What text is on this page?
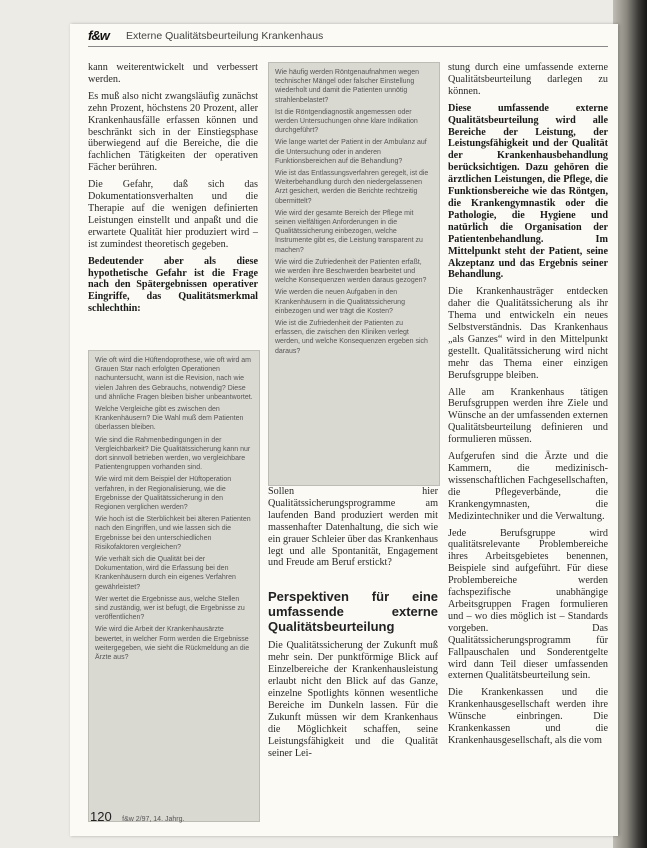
f&w Externe Qualitätsbeurteilung Krankenhaus

kann weiterentwickelt und verbessert werden.

Es muß also nicht zwangsläufig zunächst zehn Prozent, höchstens 20 Prozent, aller Krankenhausfälle erfassen können und beschränkt sich in der Einstiegsphase überwiegend auf die Bereiche, die die fachlichen Tätigkeiten der operativen Fächer berühren.

Die Gefahr, daß sich das Dokumentationsverhalten und die Therapie auf die wenigen definierten Leistungen einstellt und anpaßt und die erwartete Qualität hier produziert wird – ist zumindest theoretisch gegeben.

Bedeutender aber als diese hypothetische Gefahr ist die Frage nach den Spätergebnissen operativer Eingriffe, das Qualitätsmerkmal schlechthin:

Wie oft wird die Hüftendoprothese, wie oft wird am Grauen Star nach erfolgten Operationen nachuntersucht, wann ist die Revision, nach wie vielen Jahren des Gebrauchs, notwendig? Diese und ähnliche Fragen bleiben bisher unbeantwortet.

Welche Vergleiche gibt es zwischen den Krankenhäusern? Die Wahl muß dem Patienten überlassen bleiben.

Wie sind die Rahmenbedingungen in der Vergleichbarkeit? Die Qualitätssicherung kann nur dort sinnvoll betrieben werden, wo vergleichbare Patientengruppen vorhanden sind.

Wie wird mit dem Beispiel der Hüftoperation verfahren, in der Regionalisierung, wie die Ergebnisse der Qualitätssicherung in den Regionen verglichen werden?

Wie hoch ist die Sterblichkeit bei älteren Patienten nach den Eingriffen, und wie lassen sich die Ergebnisse bei den unterschiedlichen Risikofaktoren vergleichen?

Wie verhält sich die Qualität bei der Dokumentation, wird die Erfassung bei den Krankenhäusern durch ein eigenes Verfahren gewährleistet?

Wer wertet die Ergebnisse aus, welche Stellen sind zuständig, wer ist befugt, die Ergebnisse zu veröffentlichen?

Wie wird die Arbeit der Krankenhausärzte bewertet, in welcher Form werden die Ergebnisse weitergegeben, wie sieht die Rückmeldung an die Ärzte aus?

Wie häufig werden Röntgenaufnahmen wegen technischer Mängel oder falscher Einstellung wiederholt und damit die Patienten unnötig strahlenbelastet?

Ist die Röntgendiagnostik angemessen oder werden Untersuchungen ohne klare Indikation durchgeführt?

Wie lange wartet der Patient in der Ambulanz auf die Untersuchung oder in anderen Funktionsbereichen auf die Behandlung?

Wie ist das Entlassungsverfahren geregelt, ist die Weiterbehandlung durch den niedergelassenen Arzt gesichert, werden die Berichte rechtzeitig übermittelt?

Wie wird der gesamte Bereich der Pflege mit seinen vielfältigen Anforderungen in die Qualitätssicherung einbezogen, welche Instrumente gibt es, die Leistung transparent zu machen?

Wie wird die Zufriedenheit der Patienten erfaßt, wie werden ihre Beschwerden bearbeitet und welche Konsequenzen werden daraus gezogen?

Wie werden die neuen Aufgaben in den Krankenhäusern in die Qualitätssicherung einbezogen und wer trägt die Kosten?

Wie ist die Zufriedenheit der Patienten zu erfassen, die zwischen den Kliniken verlegt werden, und welche Konsequenzen ergeben sich daraus?

Sollen hier Qualitätssicherungsprogramme am laufenden Band produziert werden mit massenhafter Datenhaltung, die sich wie ein grauer Schleier über das Krankenhaus legt und alle Spontanität, Engagement und Freude am Beruf erstickt?

Perspektiven für eine umfassende externe Qualitätsbeurteilung

Die Qualitätssicherung der Zukunft muß mehr sein. Der punktförmige Blick auf Einzelbereiche der Krankenhausleistung erlaubt nicht den Blick auf das Ganze, einzelne Spotlights können wesentliche Bereiche im Dunkeln lassen. Für die Zukunft müssen wir dem Krankenhaus die Möglichkeit schaffen, seine Leistungsfähigkeit und die Qualität seiner Lei-

stung durch eine umfassende externe Qualitätsbeurteilung darlegen zu können.

Diese umfassende externe Qualitätsbeurteilung wird alle Bereiche der Leistung, der Leistungsfähigkeit und der Qualität der Krankenhausbehandlung berücksichtigen. Dazu gehören die ärztlichen Leistungen, die Pflege, die Funktionsbereiche wie das Röntgen, die Krankengymnastik oder die Pathologie, die Hygiene und natürlich die Organisation der Patientenbehandlung. Im Mittelpunkt steht der Patient, seine Akzeptanz und das Ergebnis seiner Behandlung.

Die Krankenhausträger entdecken daher die Qualitätssicherung als ihr Thema und entwickeln ein neues Selbstverständnis. Das Krankenhaus „als Ganzes“ wird in den Mittelpunkt gestellt. Qualitätssicherung wird nicht mehr das Thema einer einzigen Berufsgruppe bleiben.

Alle am Krankenhaus tätigen Berufsgruppen werden ihre Ziele und Wünsche an der umfassenden externen Qualitätsbeurteilung definieren und formulieren müssen.

Aufgerufen sind die Ärzte und die Kammern, die medizinisch-wissenschaftlichen Fachgesellschaften, die Pflegeverbände, die Krankengymnasten, die Medizintechniker und die Verwaltung.

Jede Berufsgruppe wird qualitätsrelevante Problembereiche ihres Arbeitsgebietes benennen, Beispiele sind aufgeführt. Für diese Problembereiche werden fachspezifische unabhängige Arbeitsgruppen Fragen formulieren und – wo dies möglich ist – Standards vorgeben. Das Qualitätssicherungsprogramm für Fallpauschalen und Sonderentgelte wird dann Teil dieser umfassenden externen Qualitätsbeurteilung sein.

Die Krankenkassen und die Krankenhausgesellschaft werden ihre Wünsche einbringen. Die Krankenkassen und die Krankenhausgesellschaft, als die vom

120 f&w 2/97, 14. Jahrg.
